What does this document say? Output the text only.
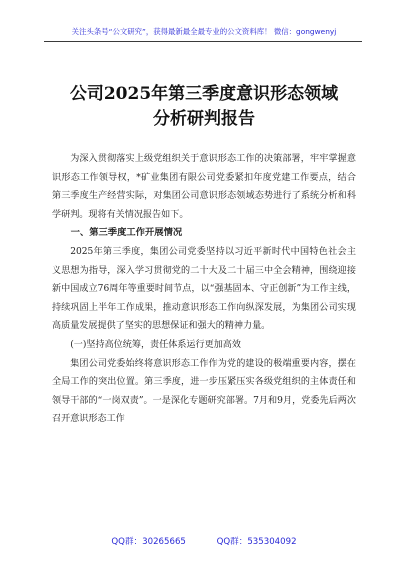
关注头条号“公文研究”，获得最新最全最专业的公文资料库！ 微信：gongwenyj
公司2025年第三季度意识形态领域
分析研判报告

为深入贯彻落实上级党组织关于意识形态工作的决策部署，牢牢掌握意识形态工作领导权，*矿业集团有限公司党委紧扣年度党建工作要点，结合第三季度生产经营实际，对集团公司意识形态领域态势进行了系统分析和科学研判。现将有关情况报告如下。

一、第三季度工作开展情况

2025年第三季度，集团公司党委坚持以习近平新时代中国特色社会主义思想为指导，深入学习贯彻党的二十大及二十届三中全会精神，围绕迎接新中国成立76周年等重要时间节点，以“强基固本、守正创新”为工作主线，持续巩固上半年工作成果，推动意识形态工作向纵深发展，为集团公司实现高质量发展提供了坚实的思想保证和强大的精神力量。

(一)坚持高位统筹，责任体系运行更加高效

集团公司党委始终将意识形态工作作为党的建设的极端重要内容，摆在全局工作的突出位置。第三季度，进一步压紧压实各级党组织的主体责任和领导干部的“一岗双责”。一是深化专题研究部署。7月和9月，党委先后两次召开意识形态工作

QQ群：30265665	QQ群：535304092
